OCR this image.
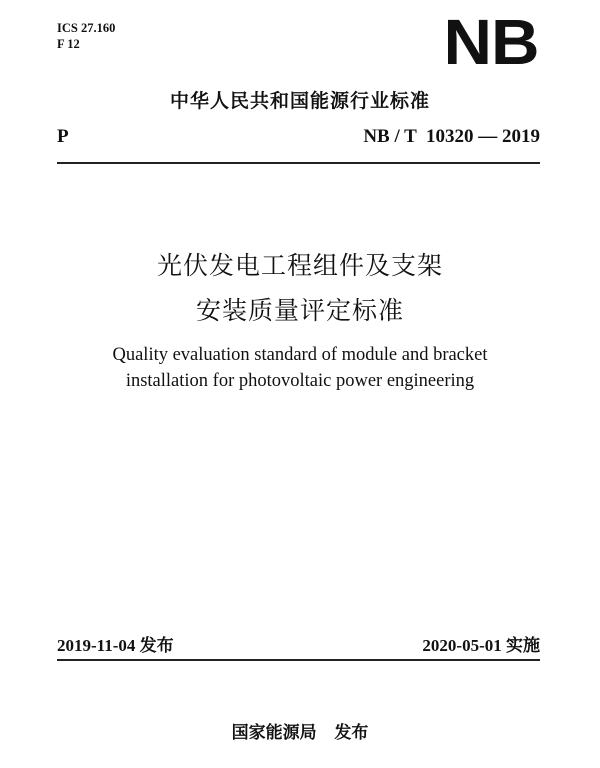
ICS 27.160
F 12	NB
中华人民共和国能源行业标准
P	NB / T  10320 — 2019
光伏发电工程组件及支架
安装质量评定标准
Quality evaluation standard of module and bracket
installation for photovoltaic power engineering
2019-11-04 发布	2020-05-01 实施
国家能源局 发布
